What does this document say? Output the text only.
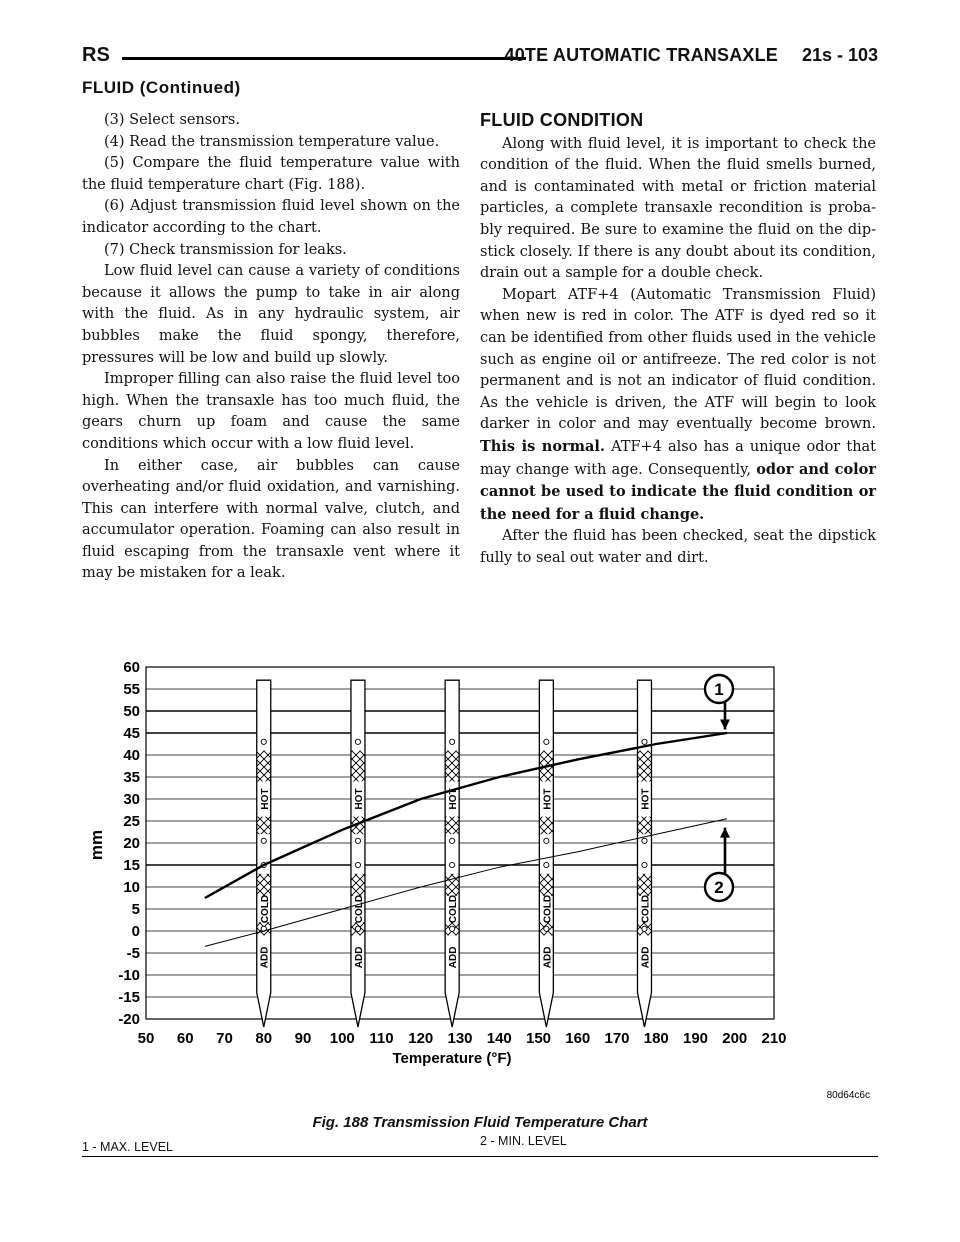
RS	40TE AUTOMATIC TRANSAXLE 21s - 103
FLUID (Continued)

(3) Select sensors.

(4) Read the transmission temperature value.

(5) Compare the fluid temperature value with the fluid temperature chart (Fig. 188).

(6) Adjust transmission fluid level shown on the indicator according to the chart.

(7) Check transmission for leaks.

Low fluid level can cause a variety of conditions because it allows the pump to take in air along with the fluid. As in any hydraulic system, air bubbles make the fluid spongy, therefore, pressures will be low and build up slowly.

Improper filling can also raise the fluid level too high. When the transaxle has too much fluid, the gears churn up foam and cause the same conditions which occur with a low fluid level.

In either case, air bubbles can cause overheating and/or fluid oxidation, and varnishing. This can interfere with normal valve, clutch, and accumulator operation. Foaming can also result in fluid escaping from the transaxle vent where it may be mistaken for a leak.

FLUID CONDITION

Along with fluid level, it is important to check the condition of the fluid. When the fluid smells burned, and is contaminated with metal or friction material particles, a complete transaxle recondition is proba- bly required. Be sure to examine the fluid on the dip- stick closely. If there is any doubt about its condition, drain out a sample for a double check.

Mopart ATF+4 (Automatic Transmission Fluid) when new is red in color. The ATF is dyed red so it can be identified from other fluids used in the vehicle such as engine oil or antifreeze. The red color is not permanent and is not an indicator of fluid condition. As the vehicle is driven, the ATF will begin to look darker in color and may eventually become brown. This is normal. ATF+4 also has a unique odor that may change with age. Consequently, odor and color cannot be used to indicate the fluid condition or the need for a fluid change.

After the fluid has been checked, seat the dipstick fully to seal out water and dirt.

HOT
COLD
ADD
HOT
COLD
ADD
HOT
COLD
ADD
HOT
COLD
ADD
HOT
COLD
ADD
60
55
50
45
40
35
30
25
20
15
10
5
0
-5
-10
-15
-20
50 60 70 80 90 100 110 120 130 140 150 160 170 180 190 200 210
mm
Temperature (°F)
80d64c6c
1
2
Fig. 188 Transmission Fluid Temperature Chart
1 - MAX. LEVEL	2 - MIN. LEVEL
